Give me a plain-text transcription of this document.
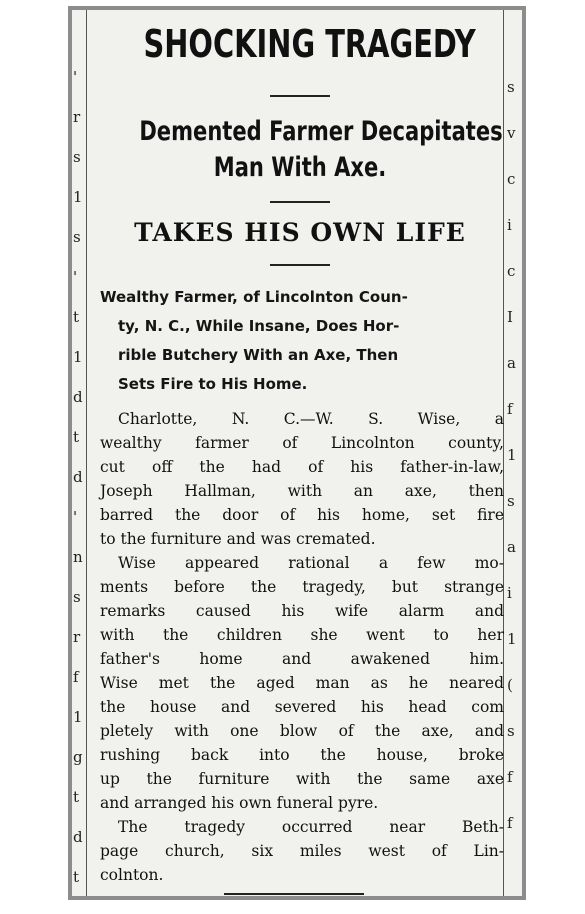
'
r
s
1
s
'
t
1
d
t
d
'
n
s
r
f
1
g
t
d
t
s
v
c
i
c
I
a
f
1
s
a
i
1
(
s
f
f
SHOCKING TRAGEDY
Demented Farmer Decapitates
Man With Axe.
TAKES HIS OWN LIFE
Wealthy Farmer, of Lincolnton Coun-
ty, N. C., While Insane, Does Hor-
rible Butchery With an Axe, Then
Sets Fire to His Home.
Charlotte, N. C.—W. S. Wise, a
wealthy farmer of Lincolnton county,
cut off the had of his father-in-law,
Joseph Hallman, with an axe, then
barred the door of his home, set fire
to the furniture and was cremated.
Wise appeared rational a few mo-
ments before the tragedy, but strange
remarks caused his wife alarm and
with the children she went to her
father's home and awakened him.
Wise met the aged man as he neared
the house and severed his head com
pletely with one blow of the axe, and
rushing back into the house, broke
up the furniture with the same axe
and arranged his own funeral pyre.
The tragedy occurred near Beth-
page church, six miles west of Lin-
colnton.
